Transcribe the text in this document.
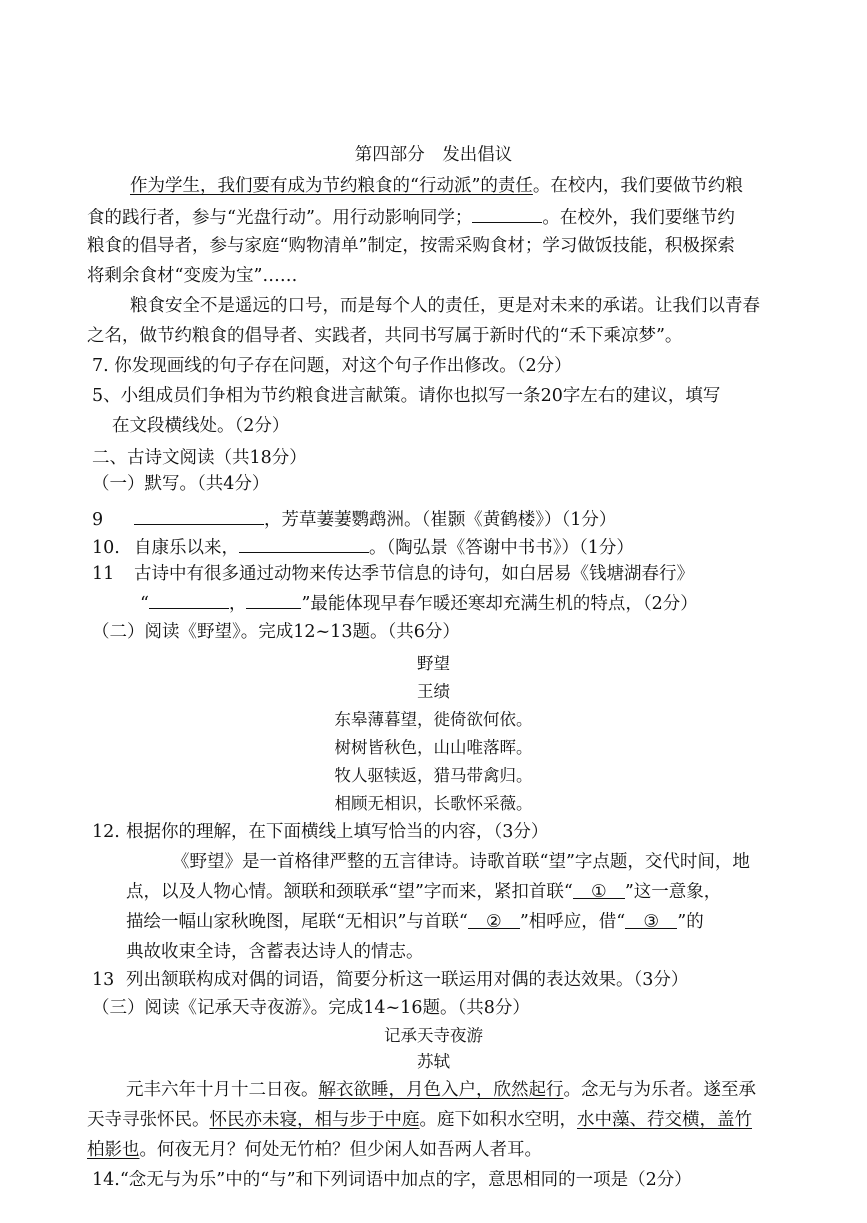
第四部分　发出倡议
作为学生，我们要有成为节约粮食的“行动派”的责任。在校内，我们要做节约粮
食的践行者，参与“光盘行动”。用行动影响同学；	。在校外，我们要继节约
粮食的倡导者，参与家庭“购物清单”制定，按需采购食材；学习做饭技能，积极探索
将剩余食材“变废为宝”……
粮食安全不是遥远的口号，而是每个人的责任，更是对未来的承诺。让我们以青春
之名，做节约粮食的倡导者、实践者，共同书写属于新时代的“禾下乘凉梦”。
7. 你发现画线的句子存在问题，对这个句子作出修改。（2分）
5、小组成员们争相为节约粮食进言献策。请你也拟写一条20字左右的建议，填写
在文段横线处。（2分）
二、古诗文阅读（共18分）
（一）默写。（共4分）
9	，芳草萋萋鹦鹉洲。（崔颢《黄鹤楼》）（1分）
10. 自康乐以来，	。（陶弘景《答谢中书书》）（1分）
11 古诗中有很多通过动物来传达季节信息的诗句，如白居易《钱塘湖春行》
“	，	”最能体现早春乍暖还寒却充满生机的特点，（2分）
（二）阅读《野望》。完成12~13题。（共6分）
野望
王绩
东皋薄暮望，徙倚欲何依。
树树皆秋色，山山唯落晖。
牧人驱犊返，猎马带禽归。
相顾无相识，长歌怀采薇。
12. 根据你的理解，在下面横线上填写恰当的内容，（3分）
《野望》是一首格律严整的五言律诗。诗歌首联“望”字点题，交代时间，地
点，以及人物心情。颔联和颈联承“望”字而来，紧扣首联“ ① ”这一意象，
描绘一幅山家秋晚图，尾联“无相识”与首联“ ② ”相呼应，借“ ③ ”的
典故收束全诗，含蓄表达诗人的情志。
13 列出颔联构成对偶的词语，简要分析这一联运用对偶的表达效果。（3分）
（三）阅读《记承天寺夜游》。完成14~16题。（共8分）
记承天寺夜游
苏轼
元丰六年十月十二日夜。解衣欲睡，月色入户，欣然起行。念无与为乐者。遂至承
天寺寻张怀民。怀民亦未寝，相与步于中庭。庭下如积水空明，水中藻、荇交横，盖竹
柏影也。何夜无月？何处无竹柏？但少闲人如吾两人者耳。
14.“念无与为乐”中的“与”和下列词语中加点的字，意思相同的一项是（2分）
